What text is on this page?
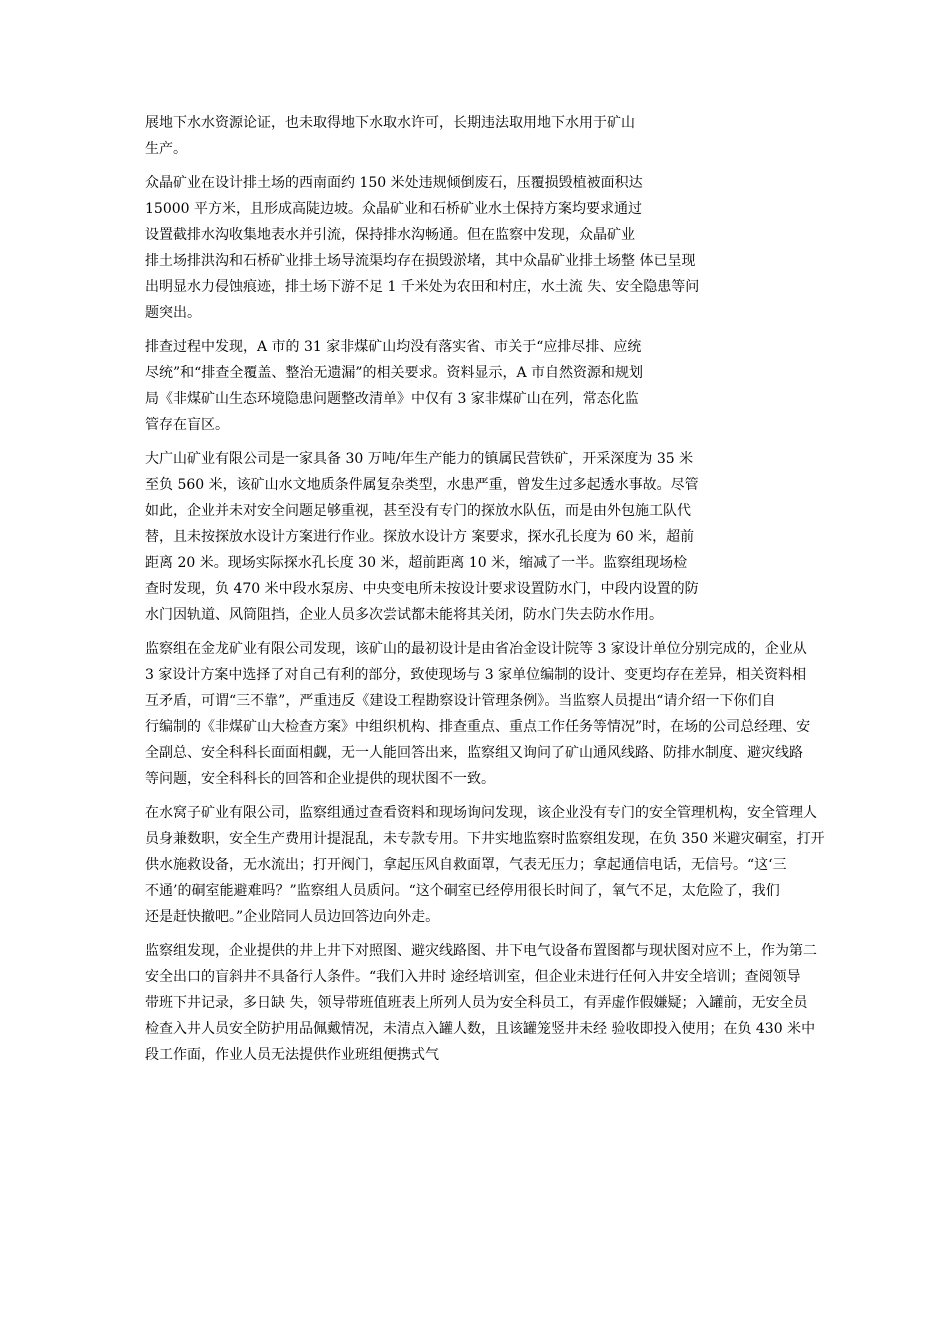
展地下水水资源论证，也未取得地下水取水许可，长期违法取用地下水用于矿山
生产。

众晶矿业在设计排土场的西南面约 150 米处违规倾倒废石，压覆损毁植被面积达
15000 平方米，且形成高陡边坡。众晶矿业和石桥矿业水土保持方案均要求通过
设置截排水沟收集地表水并引流，保持排水沟畅通。但在监察中发现，众晶矿业
排土场排洪沟和石桥矿业排土场导流渠均存在损毁淤堵，其中众晶矿业排土场整 体已呈现
出明显水力侵蚀痕迹，排土场下游不足 1 千米处为农田和村庄，水土流 失、安全隐患等问
题突出。

排查过程中发现，A 市的 31 家非煤矿山均没有落实省、市关于“应排尽排、应统
尽统”和“排查全覆盖、整治无遗漏”的相关要求。资料显示，A 市自然资源和规划
局《非煤矿山生态环境隐患问题整改清单》中仅有 3 家非煤矿山在列，常态化监
管存在盲区。

大广山矿业有限公司是一家具备 30 万吨/年生产能力的镇属民营铁矿，开采深度为 35 米
至负 560 米，该矿山水文地质条件属复杂类型，水患严重，曾发生过多起透水事故。尽管
如此，企业并未对安全问题足够重视，甚至没有专门的探放水队伍，而是由外包施工队代
替，且未按探放水设计方案进行作业。探放水设计方 案要求，探水孔长度为 60 米，超前
距离 20 米。现场实际探水孔长度 30 米，超前距离 10 米，缩减了一半。监察组现场检
查时发现，负 470 米中段水泵房、中央变电所未按设计要求设置防水门，中段内设置的防
水门因轨道、风筒阻挡，企业人员多次尝试都未能将其关闭，防水门失去防水作用。

监察组在金龙矿业有限公司发现，该矿山的最初设计是由省冶金设计院等 3 家设计单位分别完成的，企业从
3 家设计方案中选择了对自己有利的部分，致使现场与 3 家单位编制的设计、变更均存在差异，相关资料相
互矛盾，可谓“三不靠”，严重违反《建设工程勘察设计管理条例》。当监察人员提出“请介绍一下你们自
行编制的《非煤矿山大检查方案》中组织机构、排查重点、重点工作任务等情况”时，在场的公司总经理、安
全副总、安全科科长面面相觑，无一人能回答出来，监察组又询问了矿山通风线路、防排水制度、避灾线路
等问题，安全科科长的回答和企业提供的现状图不一致。

在水窝子矿业有限公司，监察组通过查看资料和现场询问发现，该企业没有专门的安全管理机构，安全管理人
员身兼数职，安全生产费用计提混乱，未专款专用。下井实地监察时监察组发现，在负 350 米避灾硐室，打开
供水施救设备，无水流出；打开阀门，拿起压风自救面罩，气表无压力；拿起通信电话，无信号。“这‘三
不通’的硐室能避难吗？”监察组人员质问。“这个硐室已经停用很长时间了，氧气不足，太危险了，我们
还是赶快撤吧。”企业陪同人员边回答边向外走。

监察组发现，企业提供的井上井下对照图、避灾线路图、井下电气设备布置图都与现状图对应不上，作为第二
安全出口的盲斜井不具备行人条件。“我们入井时 途经培训室，但企业未进行任何入井安全培训；查阅领导
带班下井记录，多日缺 失，领导带班值班表上所列人员为安全科员工，有弄虚作假嫌疑；入罐前，无安全员
检查入井人员安全防护用品佩戴情况，未清点入罐人数，且该罐笼竖井未经 验收即投入使用；在负 430 米中
段工作面，作业人员无法提供作业班组便携式气
